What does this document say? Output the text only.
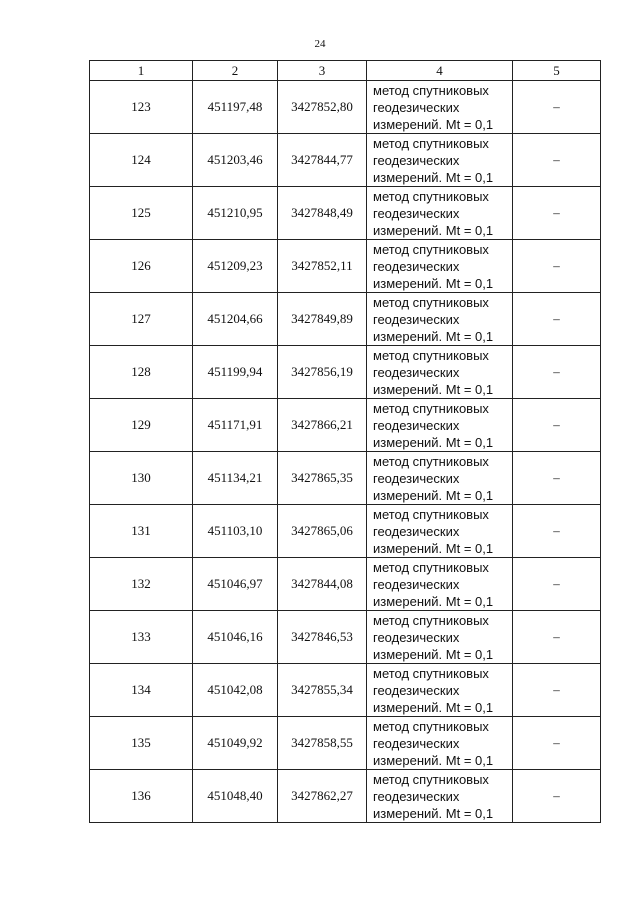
24
1	2	3	4	5
123	451197,48	3427852,80	метод спутниковых
геодезических
измерений. Mt = 0,1	–
124	451203,46	3427844,77	метод спутниковых
геодезических
измерений. Mt = 0,1	–
125	451210,95	3427848,49	метод спутниковых
геодезических
измерений. Mt = 0,1	–
126	451209,23	3427852,11	метод спутниковых
геодезических
измерений. Mt = 0,1	–
127	451204,66	3427849,89	метод спутниковых
геодезических
измерений. Mt = 0,1	–
128	451199,94	3427856,19	метод спутниковых
геодезических
измерений. Mt = 0,1	–
129	451171,91	3427866,21	метод спутниковых
геодезических
измерений. Mt = 0,1	–
130	451134,21	3427865,35	метод спутниковых
геодезических
измерений. Mt = 0,1	–
131	451103,10	3427865,06	метод спутниковых
геодезических
измерений. Mt = 0,1	–
132	451046,97	3427844,08	метод спутниковых
геодезических
измерений. Mt = 0,1	–
133	451046,16	3427846,53	метод спутниковых
геодезических
измерений. Mt = 0,1	–
134	451042,08	3427855,34	метод спутниковых
геодезических
измерений. Mt = 0,1	–
135	451049,92	3427858,55	метод спутниковых
геодезических
измерений. Mt = 0,1	–
136	451048,40	3427862,27	метод спутниковых
геодезических
измерений. Mt = 0,1	–
